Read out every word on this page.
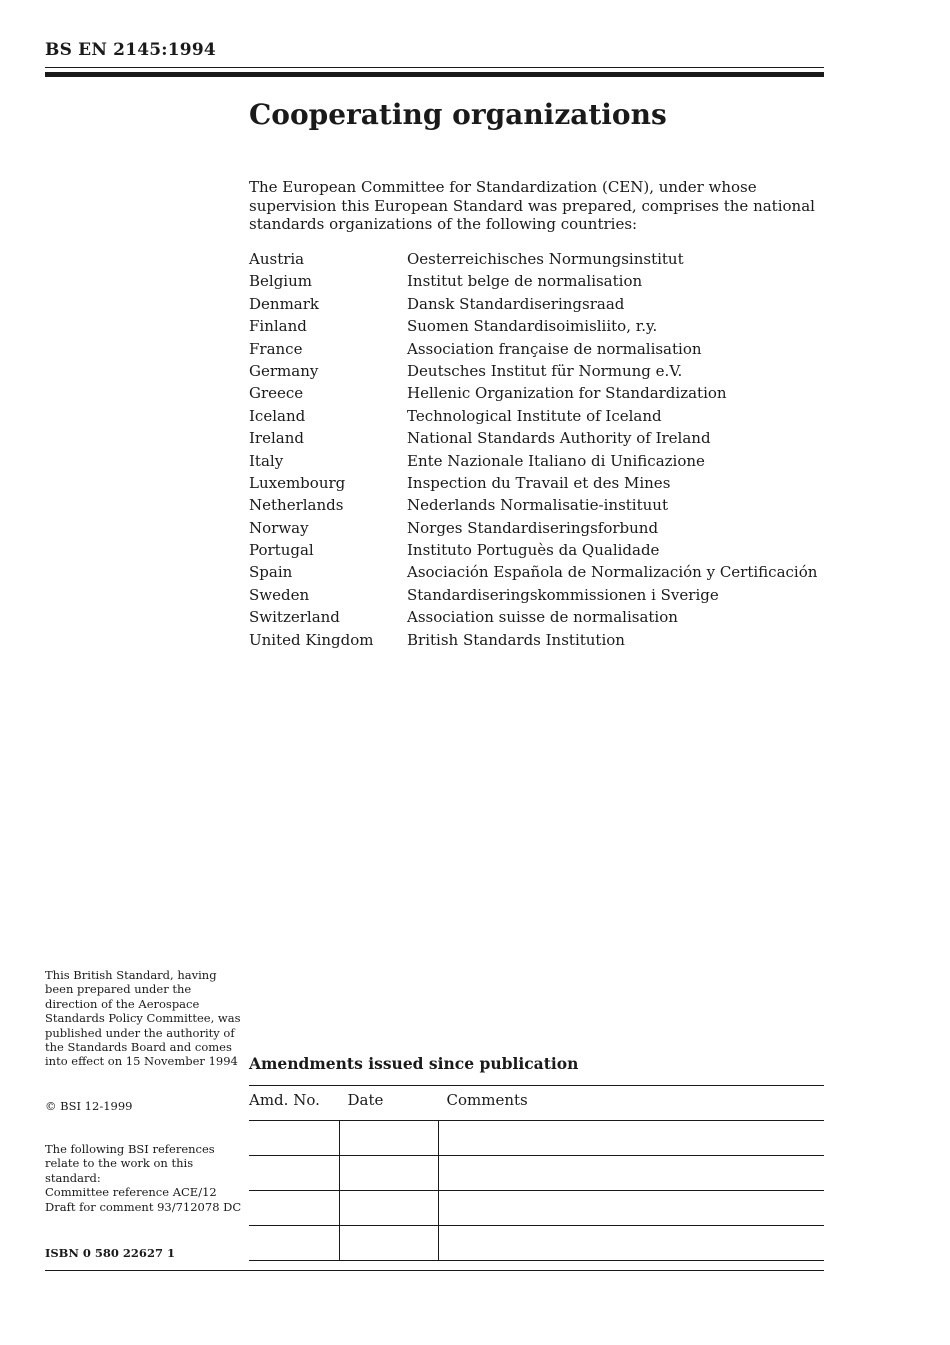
BS EN 2145:1994
Cooperating organizations

The European Committee for Standardization (CEN), under whose supervision this European Standard was prepared, comprises the national standards organizations of the following countries:

Austria	Oesterreichisches Normungsinstitut
Belgium	Institut belge de normalisation
Denmark	Dansk Standardiseringsraad
Finland	Suomen Standardisoimisliito, r.y.
France	Association française de normalisation
Germany	Deutsches Institut für Normung e.V.
Greece	Hellenic Organization for Standardization
Iceland	Technological Institute of Iceland
Ireland	National Standards Authority of Ireland
Italy	Ente Nazionale Italiano di Unificazione
Luxembourg	Inspection du Travail et des Mines
Netherlands	Nederlands Normalisatie-instituut
Norway	Norges Standardiseringsforbund
Portugal	Instituto Portuguès da Qualidade
Spain	Asociación Española de Normalización y Certificación
Sweden	Standardiseringskommissionen i Sverige
Switzerland	Association suisse de normalisation
United Kingdom	British Standards Institution

This British Standard, having been prepared under the direction of the Aerospace Standards Policy Committee, was published under the authority of the Standards Board and comes into effect on 15 November 1994

© BSI 12-1999

The following BSI references relate to the work on this standard:
Committee reference ACE/12
Draft for comment 93/712078 DC

ISBN 0 580 22627 1

Amendments issued since publication
Amd. No.	Date	Comments
